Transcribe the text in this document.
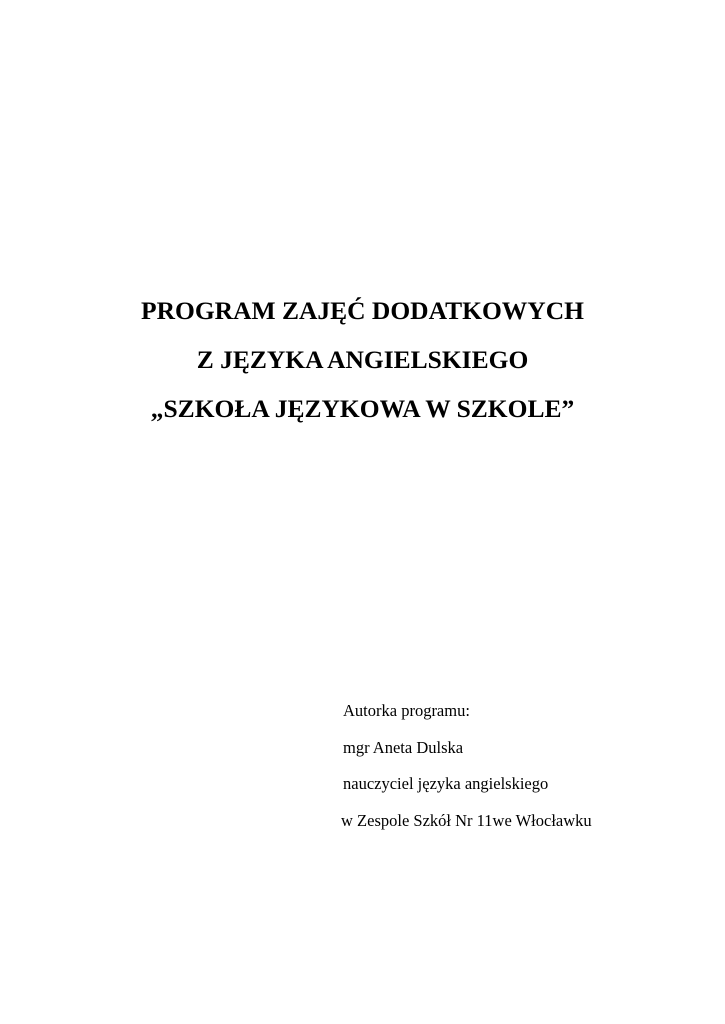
PROGRAM ZAJĘĆ DODATKOWYCH
Z JĘZYKA ANGIELSKIEGO
„SZKOŁA JĘZYKOWA W SZKOLE”
Autorka programu:
mgr Aneta Dulska
nauczyciel języka angielskiego
w Zespole Szkół Nr 11we Włocławku
